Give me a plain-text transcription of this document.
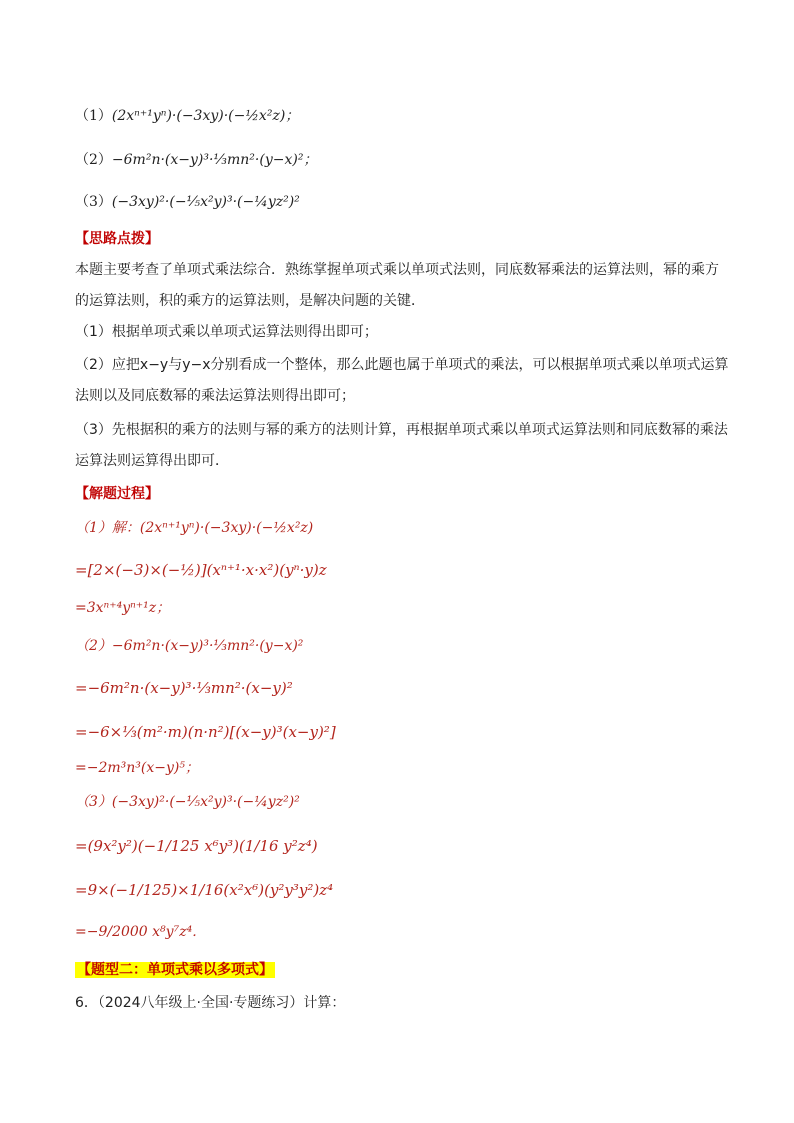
（1）(2xⁿ⁺¹yⁿ)·(−3xy)·(−½x²z)；
（2）−6m²n·(x−y)³·⅓mn²·(y−x)²；
（3）(−3xy)²·(−⅕x²y)³·(−¼yz²)²
【思路点拨】
本题主要考查了单项式乘法综合．熟练掌握单项式乘以单项式法则，同底数幂乘法的运算法则，幂的乘方
的运算法则，积的乘方的运算法则，是解决问题的关键．
（1）根据单项式乘以单项式运算法则得出即可；
（2）应把x−y与y−x分别看成一个整体，那么此题也属于单项式的乘法，可以根据单项式乘以单项式运算
法则以及同底数幂的乘法运算法则得出即可；
（3）先根据积的乘方的法则与幂的乘方的法则计算，再根据单项式乘以单项式运算法则和同底数幂的乘法
运算法则运算得出即可．
【解题过程】
（1）解：(2xⁿ⁺¹yⁿ)·(−3xy)·(−½x²z)
=[2×(−3)×(−½)](xⁿ⁺¹·x·x²)(yⁿ·y)z
=3xⁿ⁺⁴yⁿ⁺¹z；
（2）−6m²n·(x−y)³·⅓mn²·(y−x)²
=−6m²n·(x−y)³·⅓mn²·(x−y)²
=−6×⅓(m²·m)(n·n²)[(x−y)³(x−y)²]
=−2m³n³(x−y)⁵；
（3）(−3xy)²·(−⅕x²y)³·(−¼yz²)²
=(9x²y²)(−1/125 x⁶y³)(1/16 y²z⁴)
=9×(−1/125)×1/16(x²x⁶)(y²y³y²)z⁴
=−9/2000 x⁸y⁷z⁴．
【题型二：单项式乘以多项式】
6．（2024八年级上·全国·专题练习）计算：
